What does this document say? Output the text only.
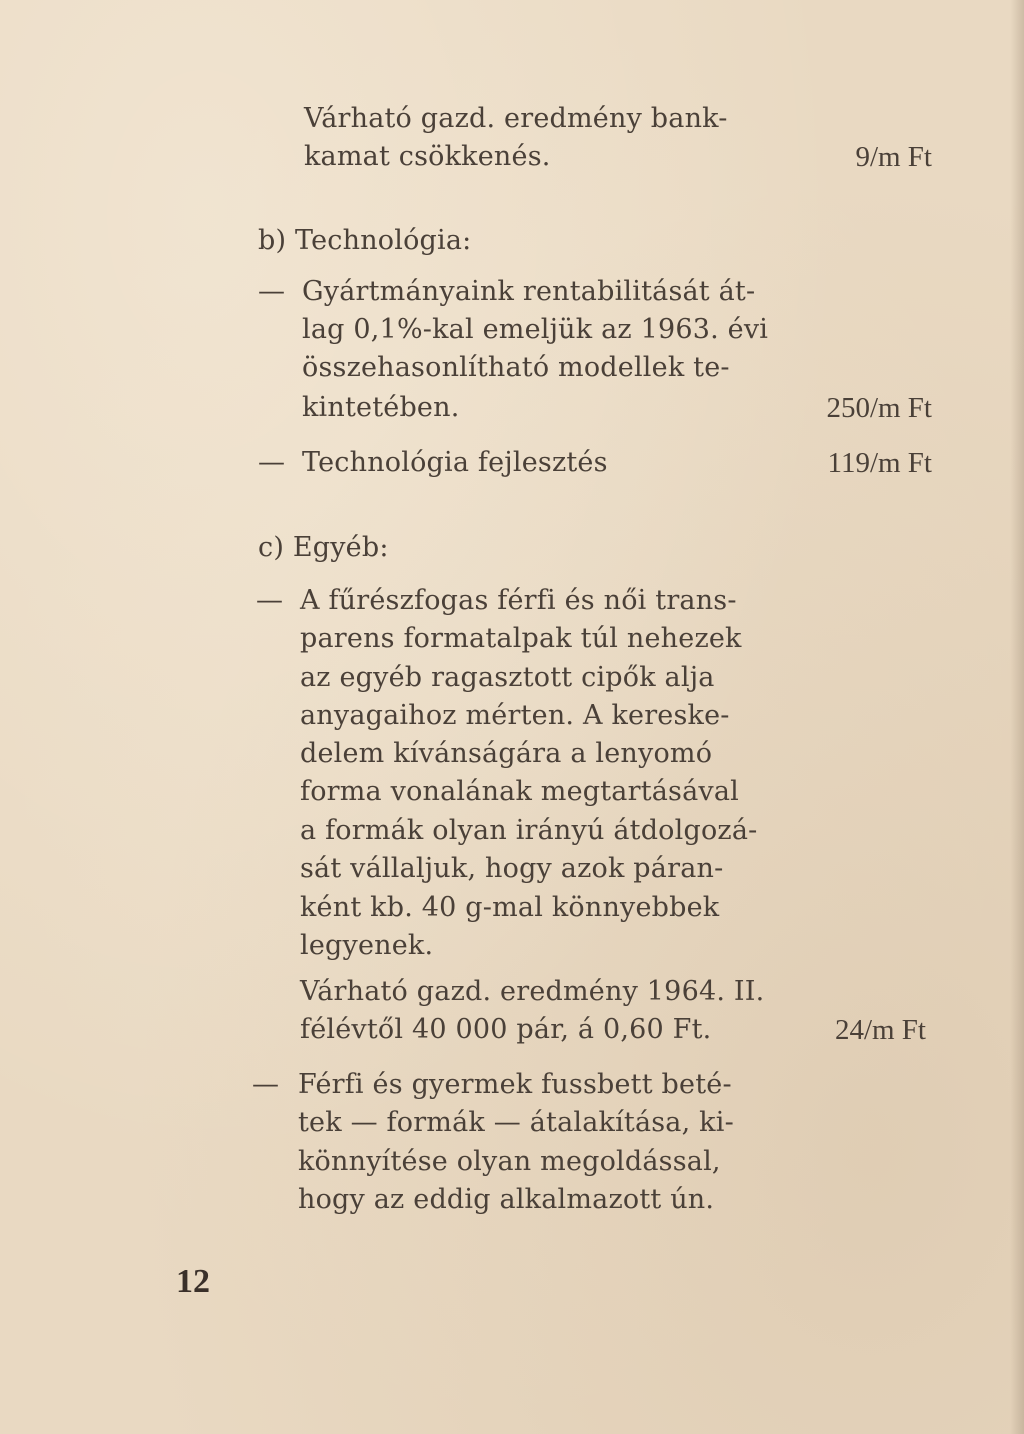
Várható gazd. eredmény bank-
kamat csökkenés.	9/m Ft
b) Technológia:
— Gyártmányaink rentabilitását át-
lag 0,1%-kal emeljük az 1963. évi
összehasonlítható modellek te-
kintetében.	250/m Ft
— Technológia fejlesztés	119/m Ft
c) Egyéb:
— A fűrészfogas férfi és női trans-
parens formatalpak túl nehezek
az egyéb ragasztott cipők alja
anyagaihoz mérten. A kereske-
delem kívánságára a lenyomó
forma vonalának megtartásával
a formák olyan irányú átdolgozá-
sát vállaljuk, hogy azok páran-
ként kb. 40 g-mal könnyebbek
legyenek.
Várható gazd. eredmény 1964. II.
félévtől 40 000 pár, á 0,60 Ft.	24/m Ft
— Férfi és gyermek fussbett beté-
tek — formák — átalakítása, ki-
könnyítése olyan megoldással,
hogy az eddig alkalmazott ún.
12
